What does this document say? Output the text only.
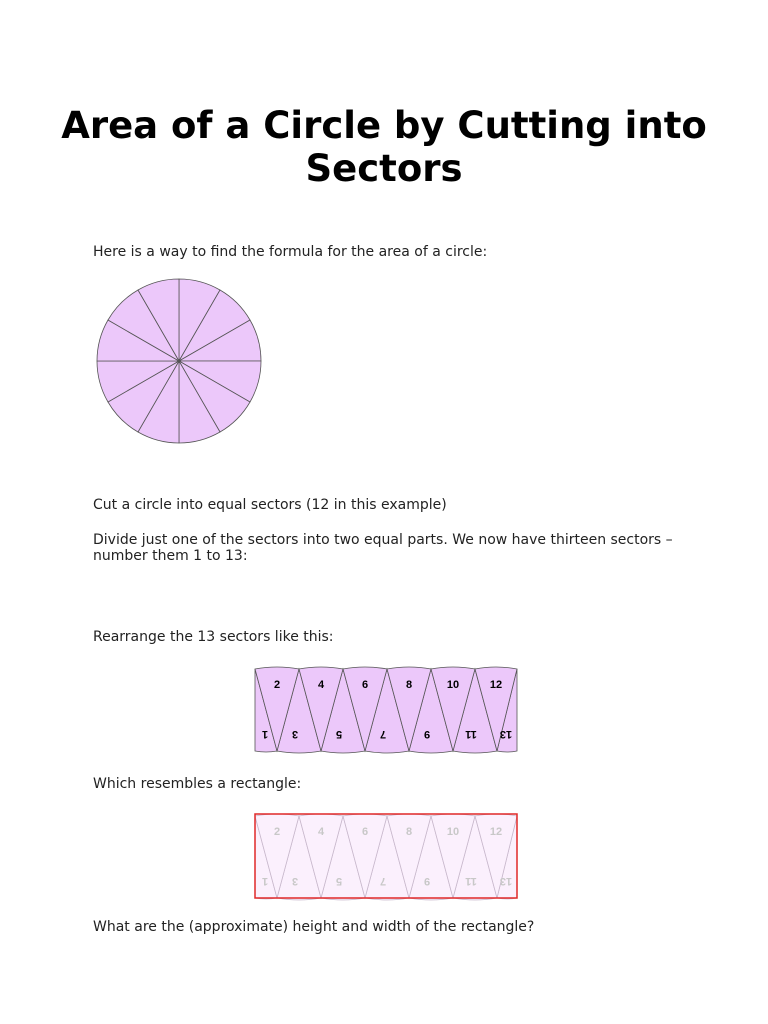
Area of a Circle by Cutting into Sectors

Here is a way to find the formula for the area of a circle:

Cut a circle into equal sectors (12 in this example)

Divide just one of the sectors into two equal parts. We now have thirteen sectors – number them 1 to 13:

Rearrange the 13 sectors like this:

2	4	6	8	10	12
1 3	5	7	9	11 13

Which resembles a rectangle:

2	4	6	8	10	12
1 3	5	7	9	11 13

What are the (approximate) height and width of the rectangle?
